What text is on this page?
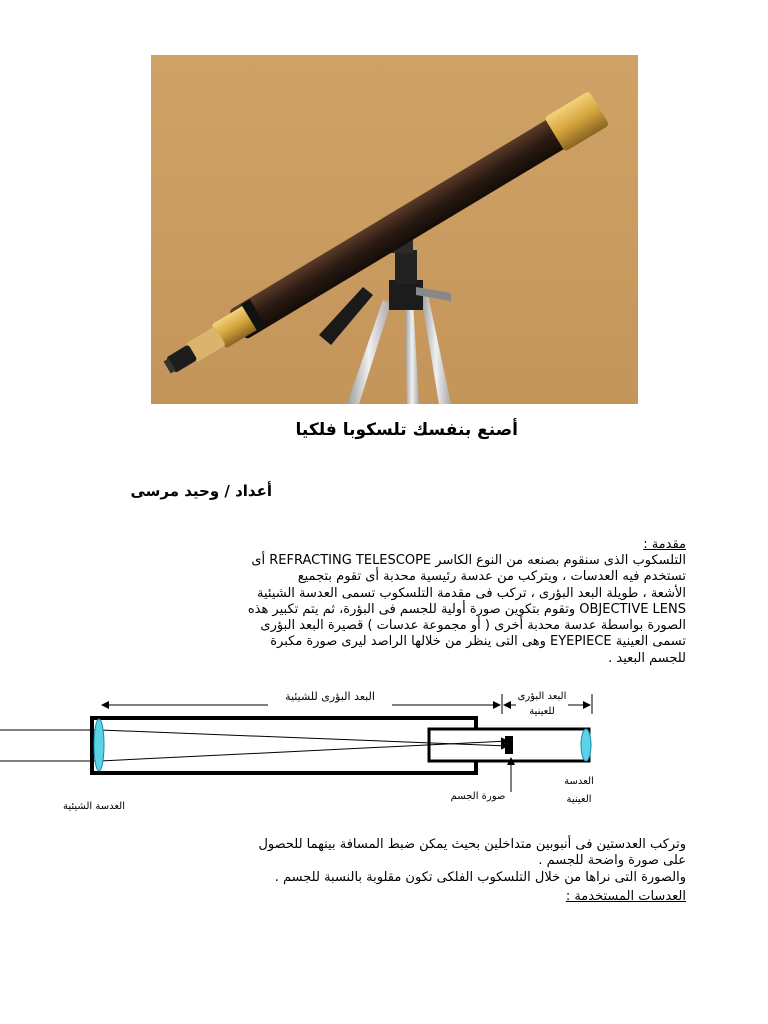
أصنع بنفسك تلسكوبا فلكيا
أعداد / وحيد مرسى
مقدمة :

التلسكوب الذى سنقوم بصنعه من النوع الكاسر REFRACTING TELESCOPE أى

تستخدم فيه العدسات ، ويتركب من عدسة رئيسية محدبة أى تقوم بتجميع

الأشعة ، طويلة البعد البؤرى ، تركب فى مقدمة التلسكوب تسمى العدسة الشيئية

OBJECTIVE LENS وتقوم بتكوين صورة أولية للجسم فى البؤرة، ثم يتم تكبير هذه

الصورة بواسطة عدسة محدبة أخرى ( أو مجموعة عدسات ) قصيرة البعد البؤرى

تسمى العينية EYEPIECE وهى التى ينظر من خلالها الراصد ليرى صورة مكبرة

للجسم البعيد .

البعد البؤرى للشيئية	البعد البؤرى
للعينية
العدسة الشيئية
صورة الجسم
العدسة
العينية

وتركب العدستين فى أنبوبين متداخلين بحيث يمكن ضبط المسافة بينهما للحصول

على صورة واضحة للجسم .

والصورة التى نراها من خلال التلسكوب الفلكى تكون مقلوبة بالنسبة للجسم .

العدسات المستخدمة :
